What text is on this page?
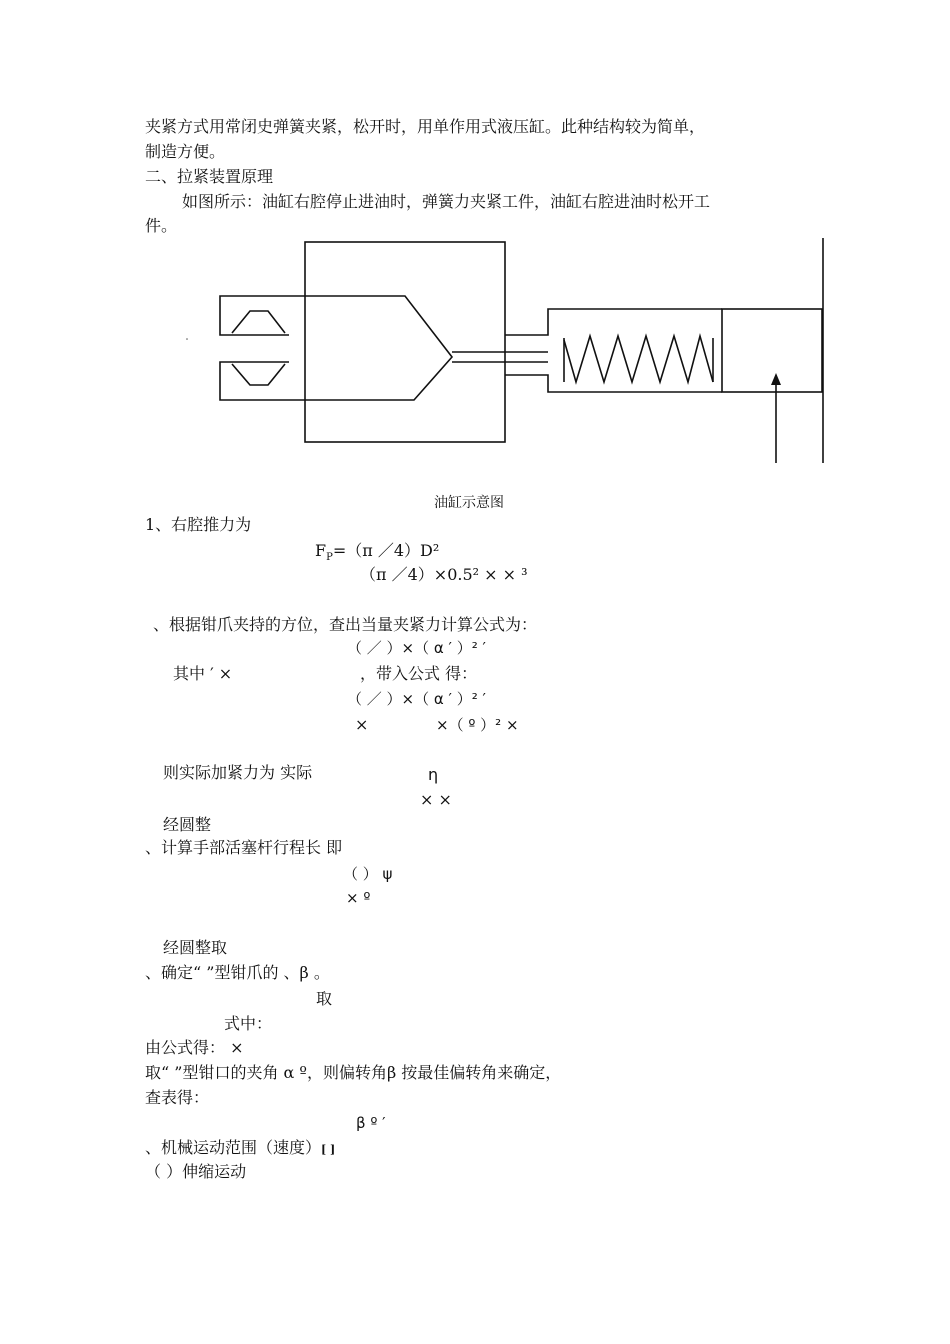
夹紧方式用常闭史弹簧夹紧，松开时，用单作用式液压缸。此种结构较为简单，
制造方便。
二、拉紧装置原理
如图所示：油缸右腔停止进油时，弹簧力夹紧工件，油缸右腔进油时松开工
件。
油缸示意图
1、右腔推力为
$F_P=(\pi$ ／4）D²
（π ／4）×0.5² × × ³
、根据钳爪夹持的方位，查出当量夹紧力计算公式为：
（ ／ ）×（ α ′ ）² ′
其中 ′ ×	，带入公式 得：
（ ／ ）×（ α ′ ）² ′
×	×（ º ）² ×
则实际加紧力为 实际	η
× ×
经圆整
、计算手部活塞杆行程长 即
（ ） ψ
× º
经圆整取
、确定“ ”型钳爪的 、β 。
取
式中：
由公式得： ×
取“ ”型钳口的夹角 α º，则偏转角β 按最佳偏转角来确定，
查表得：
β º ′
、机械运动范围（速度）[ ]
（ ）伸缩运动
